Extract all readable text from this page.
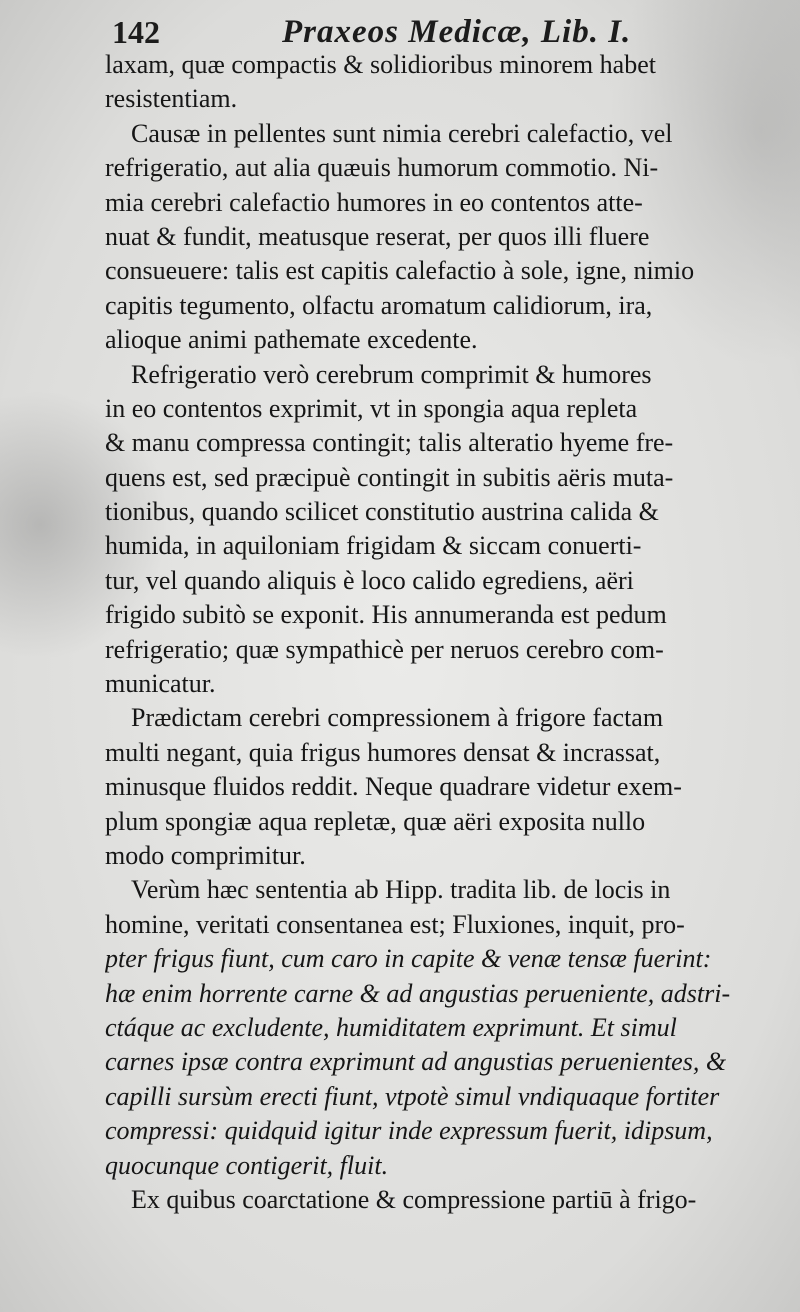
142	Praxeos Medicæ, Lib. I.
laxam, quæ compactis & solidioribus minorem habet
resistentiam.
Causæ in pellentes sunt nimia cerebri calefactio, vel
refrigeratio, aut alia quæuis humorum commotio. Ni-
mia cerebri calefactio humores in eo contentos atte-
nuat & fundit, meatusque reserat, per quos illi fluere
consueuere: talis est capitis calefactio à sole, igne, nimio
capitis tegumento, olfactu aromatum calidiorum, ira,
alioque animi pathemate excedente.
Refrigeratio verò cerebrum comprimit & humores
in eo contentos exprimit, vt in spongia aqua repleta
& manu compressa contingit; talis alteratio hyeme fre-
quens est, sed præcipuè contingit in subitis aëris muta-
tionibus, quando scilicet constitutio austrina calida &
humida, in aquiloniam frigidam & siccam conuerti-
tur, vel quando aliquis è loco calido egrediens, aëri
frigido subitò se exponit. His annumeranda est pedum
refrigeratio; quæ sympathicè per neruos cerebro com-
municatur.
Prædictam cerebri compressionem à frigore factam
multi negant, quia frigus humores densat & incrassat,
minusque fluidos reddit. Neque quadrare videtur exem-
plum spongiæ aqua repletæ, quæ aëri exposita nullo
modo comprimitur.
Verùm hæc sententia ab Hipp. tradita lib. de locis in
homine, veritati consentanea est; Fluxiones, inquit, pro-
pter frigus fiunt, cum caro in capite & venæ tensæ fuerint:
hæ enim horrente carne & ad angustias perueniente, adstri-
ctáque ac excludente, humiditatem exprimunt. Et simul
carnes ipsæ contra exprimunt ad angustias peruenientes, &
capilli sursùm erecti fiunt, vtpotè simul vndiquaque fortiter
compressi: quidquid igitur inde expressum fuerit, idipsum,
quocunque contigerit, fluit.
Ex quibus coarctatione & compressione partiū à frigo-
